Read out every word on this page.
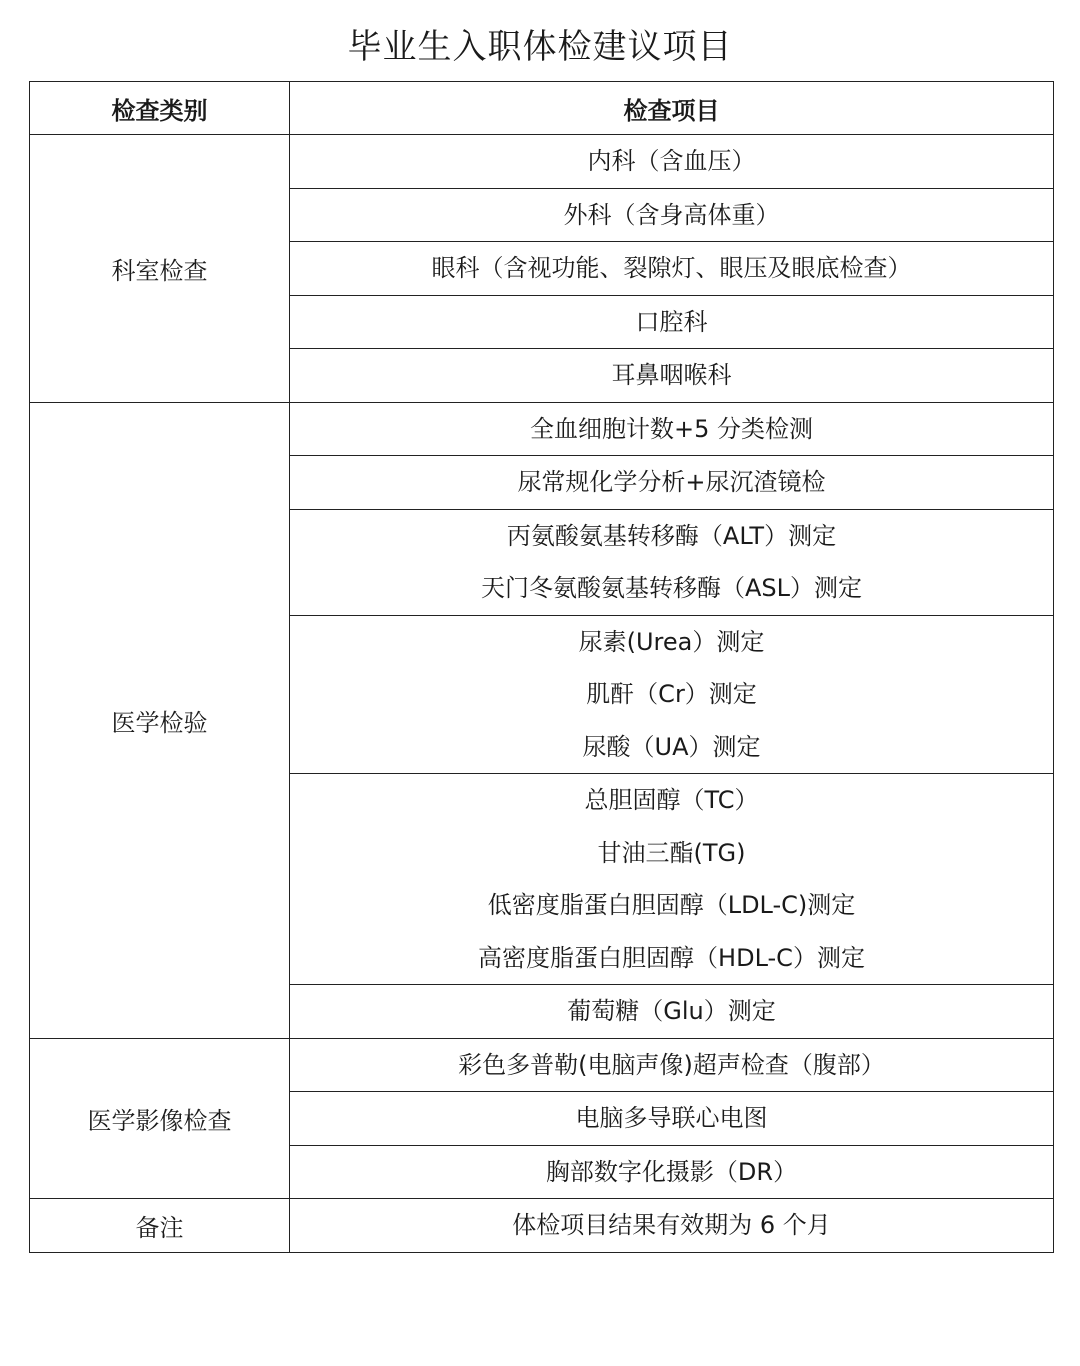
毕业生入职体检建议项目
检查类别	检查项目
科室检查	内科（含血压）

	外科（含身高体重）

	眼科（含视功能、裂隙灯、眼压及眼底检查）

	口腔科

	耳鼻咽喉科

医学检验	全血细胞计数+5 分类检测

	尿常规化学分析+尿沉渣镜检

	丙氨酸氨基转移酶（ALT）测定
天门冬氨酸氨基转移酶（ASL）测定

	尿素(Urea）测定
肌酐（Cr）测定
尿酸（UA）测定

	总胆固醇（TC）
甘油三酯(TG)
低密度脂蛋白胆固醇（LDL-C)测定
高密度脂蛋白胆固醇（HDL-C）测定

	葡萄糖（Glu）测定

医学影像检查	彩色多普勒(电脑声像)超声检查（腹部）

	电脑多导联心电图

	胸部数字化摄影（DR）

备注	体检项目结果有效期为 6 个月
